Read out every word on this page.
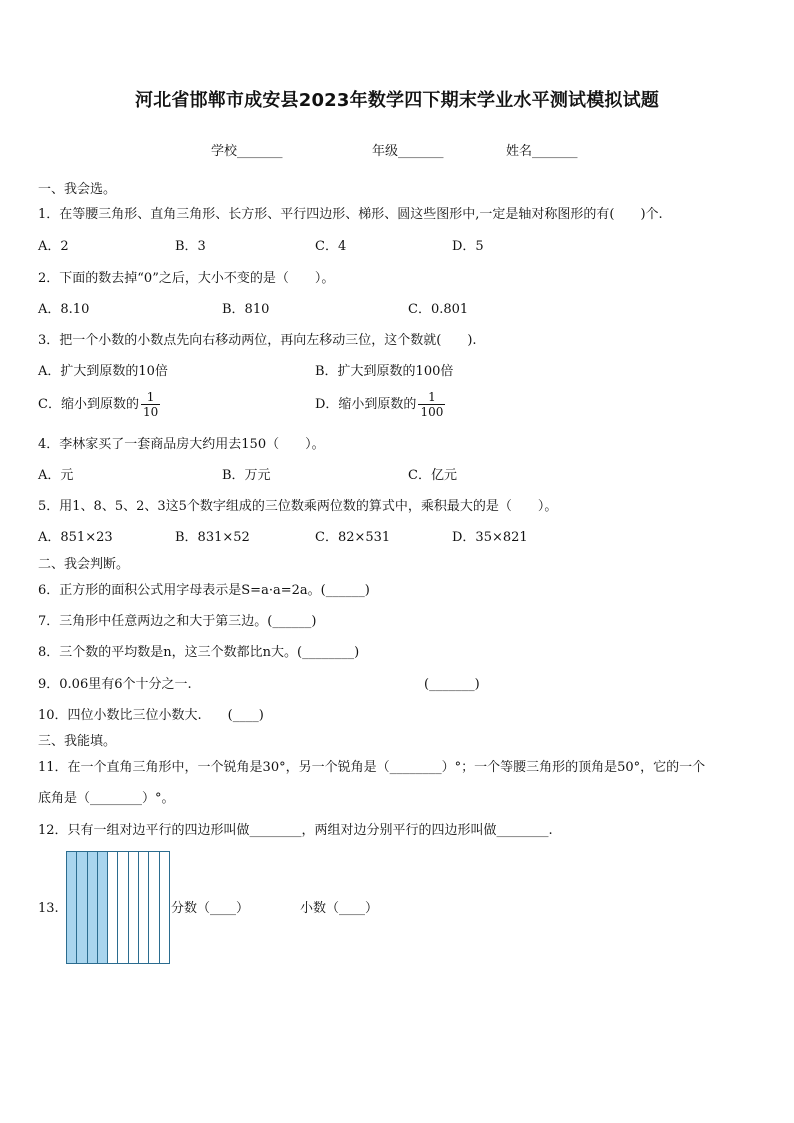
河北省邯郸市成安县2023年数学四下期末学业水平测试模拟试题
学校_______	年级_______	姓名_______
一、我会选。
1．在等腰三角形、直角三角形、长方形、平行四边形、梯形、圆这些图形中,一定是轴对称图形的有(　　)个.
A．2	B．3	C．4	D．5
2．下面的数去掉“0”之后，大小不变的是（　　）。
A．8.10	B．810	C．0.801
3．把一个小数的小数点先向右移动两位，再向左移动三位，这个数就(　　).
A．扩大到原数的10倍	B．扩大到原数的100倍
C．缩小到原数的 $\frac{1}{10}$	D．缩小到原数的 $\frac{1}{100}$
4．李林家买了一套商品房大约用去150（　　）。
A．元	B．万元	C．亿元
5．用1、8、5、2、3这5个数字组成的三位数乘两位数的算式中，乘积最大的是（　　）。
A．851×23	B．831×52	C．82×531	D．35×821
二、我会判断。
6．正方形的面积公式用字母表示是S=a·a=2a。(______)
7．三角形中任意两边之和大于第三边。(______)
8．三个数的平均数是n，这三个数都比n大。(________)
9．0.06里有6个十分之一.	(_______)
10．四位小数比三位小数大.　　(____)
三、我能填。
11．在一个直角三角形中，一个锐角是30°，另一个锐角是（________）°；一个等腰三角形的顶角是50°，它的一个
底角是（________）°。
12．只有一组对边平行的四边形叫做________，两组对边分别平行的四边形叫做________.
13.	分数（____）	小数（____）
